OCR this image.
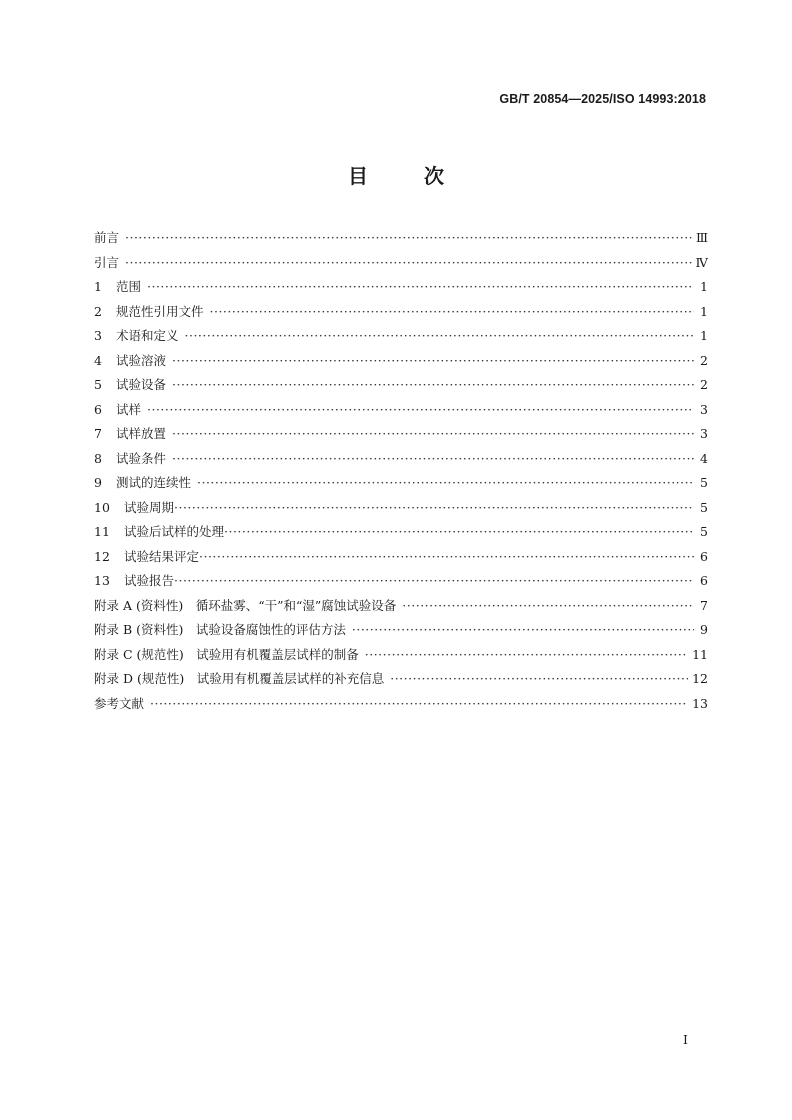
GB/T 20854—2025/ISO 14993:2018
目	次
前言 ·····	Ⅲ
引言 ·····	Ⅳ
1	范围 ·····	1
2	规范性引用文件 ·····	1
3	术语和定义 ·····	1
4	试验溶液 ·····	2
5	试验设备 ·····	2
6	试样 ·····	3
7	试样放置 ·····	3
8	试验条件 ·····	4
9	测试的连续性 ·····	5
10	试验周期 ·····	5
11	试验后试样的处理 ·····	5
12	试验结果评定 ·····	6
13	试验报告 ·····	6
附录 A (资料性)　循环盐雾、“干”和“湿”腐蚀试验设备 ·····	7
附录 B (资料性)　试验设备腐蚀性的评估方法 ·····	9
附录 C (规范性)　试验用有机覆盖层试样的制备 ·····	11
附录 D (规范性)　试验用有机覆盖层试样的补充信息 ·····	12
参考文献 ·····	13
I
